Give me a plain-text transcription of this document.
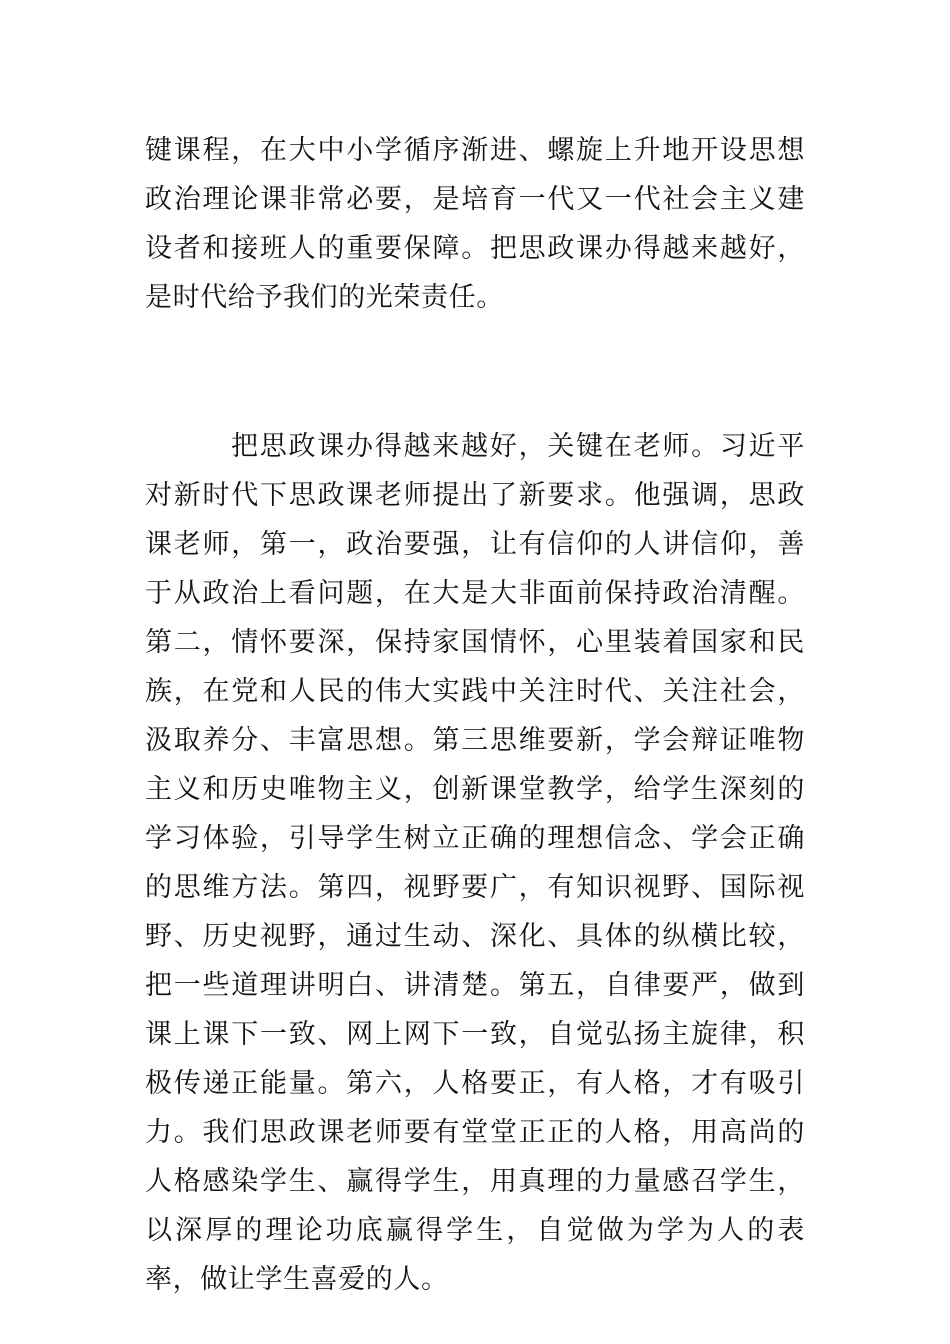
键课程，在大中小学循序渐进、螺旋上升地开设思想政治理论课非常必要，是培育一代又一代社会主义建设者和接班人的重要保障。把思政课办得越来越好，是时代给予我们的光荣责任。

把思政课办得越来越好，关键在老师。习近平对新时代下思政课老师提出了新要求。他强调，思政课老师，第一，政治要强，让有信仰的人讲信仰，善于从政治上看问题，在大是大非面前保持政治清醒。第二，情怀要深，保持家国情怀，心里装着国家和民族，在党和人民的伟大实践中关注时代、关注社会，汲取养分、丰富思想。第三思维要新，学会辩证唯物主义和历史唯物主义，创新课堂教学，给学生深刻的学习体验，引导学生树立正确的理想信念、学会正确的思维方法。第四，视野要广，有知识视野、国际视野、历史视野，通过生动、深化、具体的纵横比较，把一些道理讲明白、讲清楚。第五，自律要严，做到课上课下一致、网上网下一致，自觉弘扬主旋律，积极传递正能量。第六，人格要正，有人格，才有吸引力。我们思政课老师要有堂堂正正的人格，用高尚的人格感染学生、赢得学生，用真理的力量感召学生，以深厚的理论功底赢得学生，自觉做为学为人的表率，做让学生喜爱的人。
